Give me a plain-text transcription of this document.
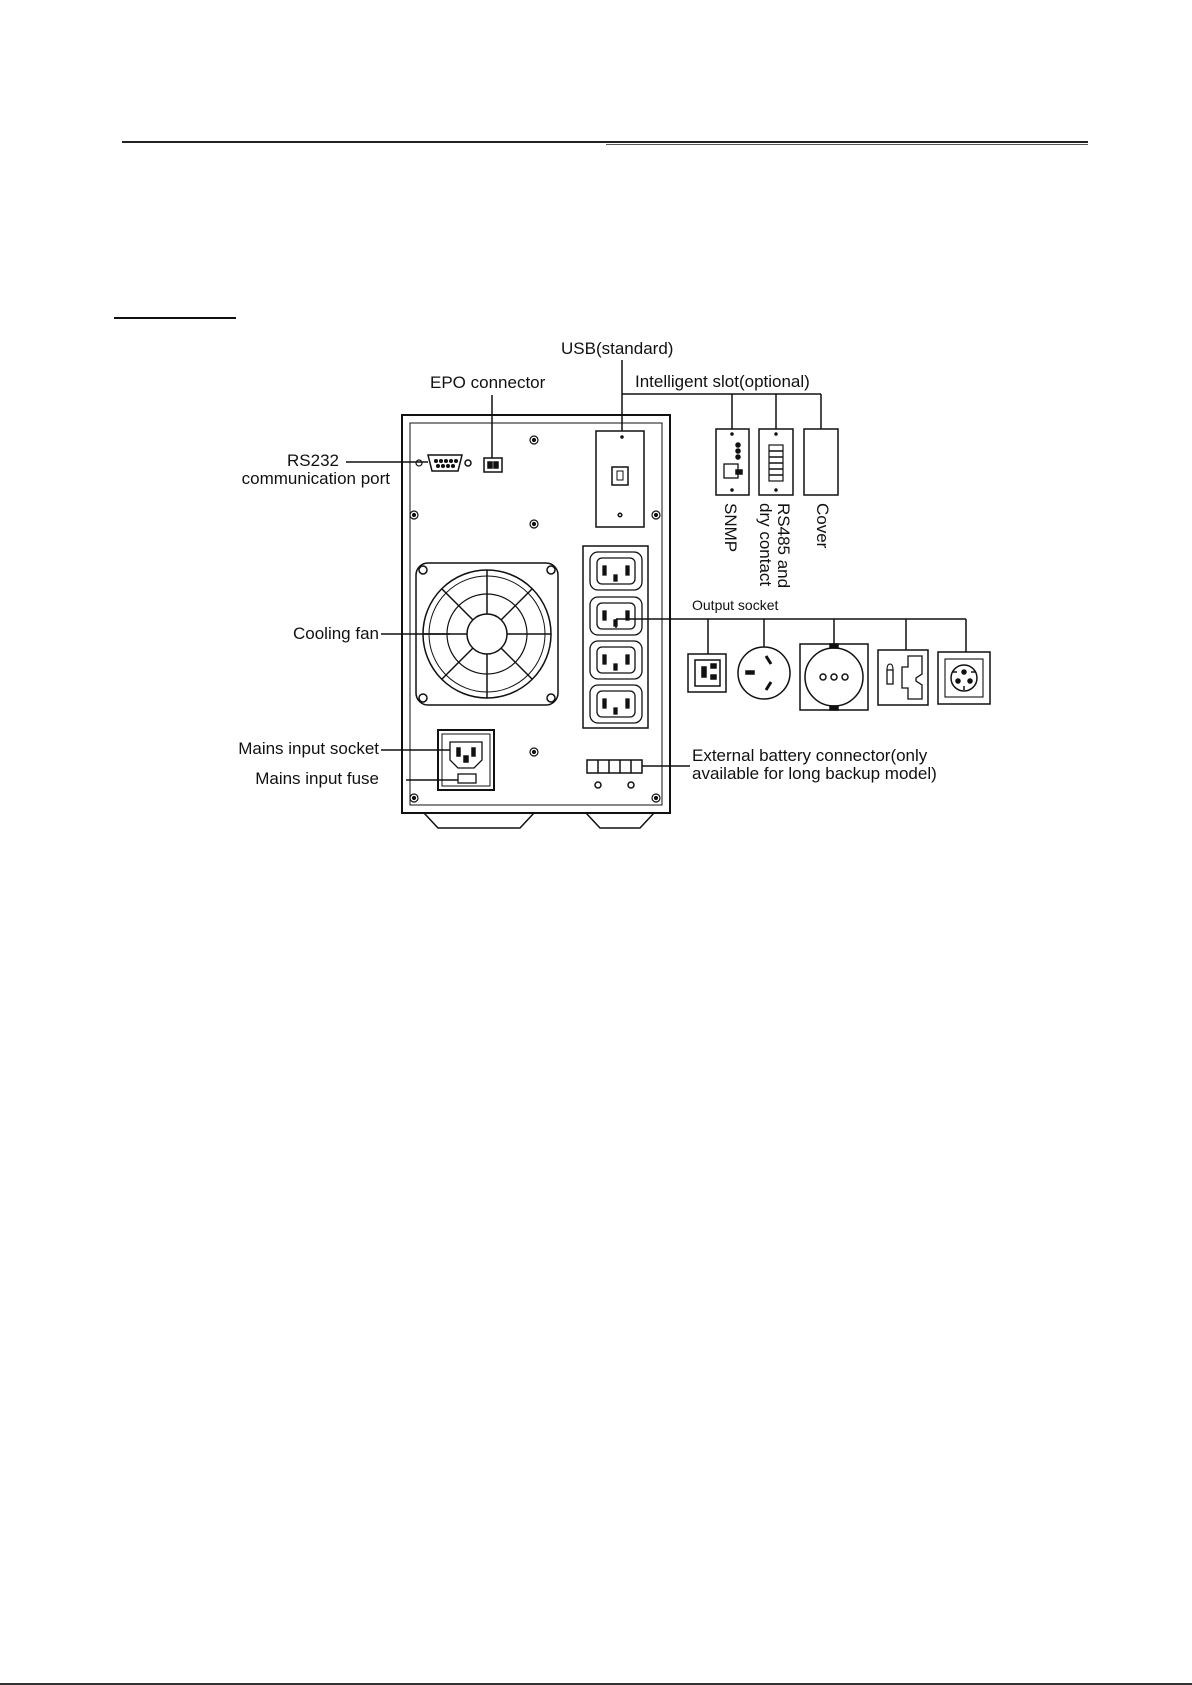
USB(standard)
EPO connector	Intelligent slot(optional)
RS232
communication port
Cooling fan
Output socket
Mains input socket
Mains input fuse
External battery connector(only
available for long backup model)
SNMP RS485 and
dry contact Cover
